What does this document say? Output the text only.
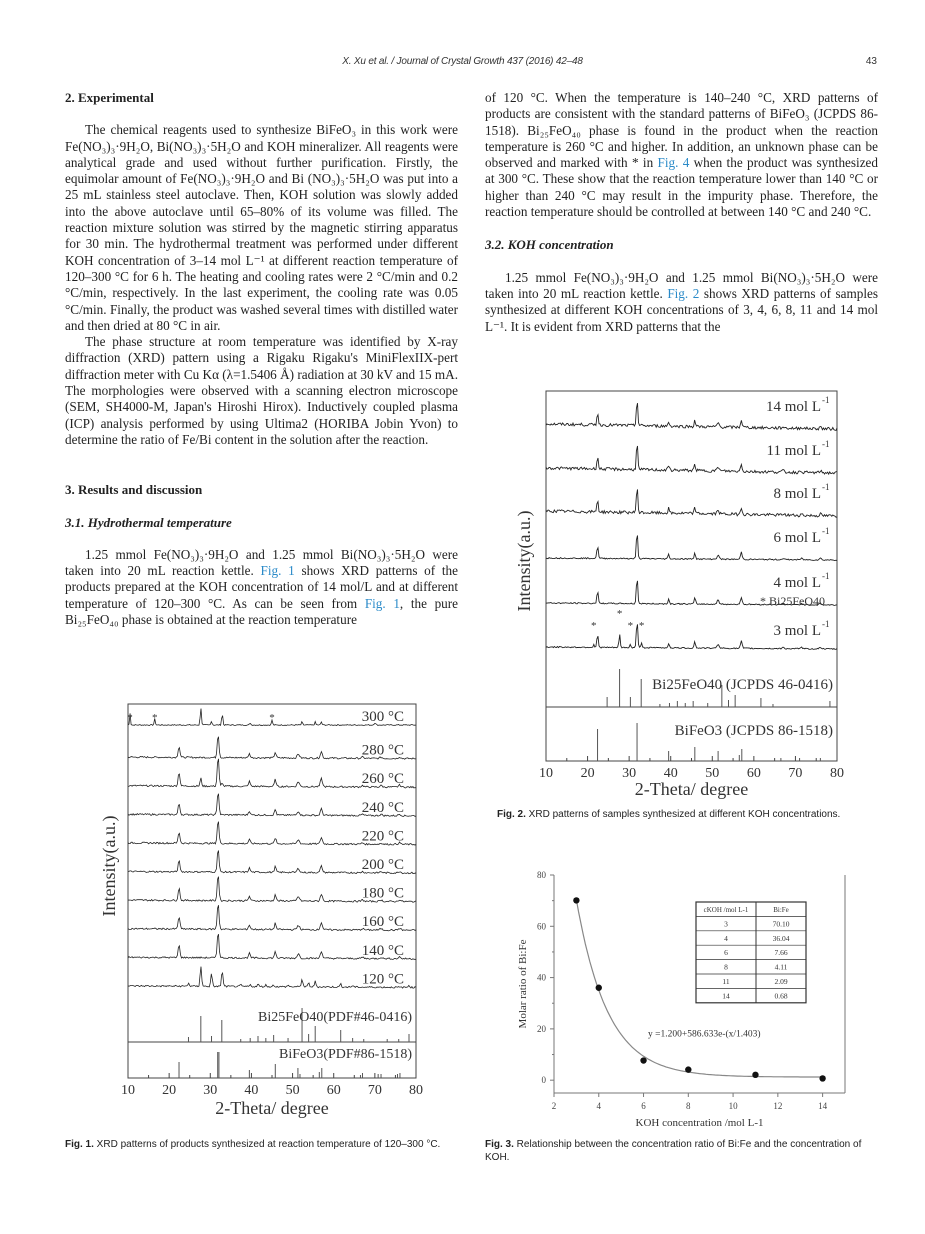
X. Xu et al. / Journal of Crystal Growth 437 (2016) 42–48	43
2. Experimental

The chemical reagents used to synthesize BiFeO₃ in this work were Fe(NO₃)₃·9H₂O, Bi(NO₃)₃·5H₂O and KOH mineralizer. All reagents were analytical grade and used without further purification. Firstly, the equimolar amount of Fe(NO₃)₃·9H₂O and Bi (NO₃)₃·5H₂O was put into a 25 mL stainless steel autoclave. Then, KOH solution was slowly added into the above autoclave until 65–80% of its volume was filled. The reaction mixture solution was stirred by the magnetic stirring apparatus for 30 min. The hydrothermal treatment was performed under different KOH concentration of 3–14 mol L⁻¹ at different reaction temperature of 120–300 °C for 6 h. The heating and cooling rates were 2 °C/min and 0.2 °C/min, respectively. In the last experiment, the cooling rate was 0.05 °C/min. Finally, the product was washed several times with distilled water and then dried at 80 °C in air.

The phase structure at room temperature was identified by X-ray diffraction (XRD) pattern using a Rigaku Rigaku's MiniFlexIIX-pert diffraction meter with Cu Kα (λ=1.5406 Å) radiation at 30 kV and 15 mA. The morphologies were observed with a scanning electron microscope (SEM, SH4000-M, Japan's Hiroshi Hirox). Inductively coupled plasma (ICP) analysis performed by using Ultima2 (HORIBA Jobin Yvon) to determine the ratio of Fe/Bi content in the solution after the reaction.

3. Results and discussion
3.1. Hydrothermal temperature

1.25 mmol Fe(NO₃)₃·9H₂O and 1.25 mmol Bi(NO₃)₃·5H₂O were taken into 20 mL reaction kettle. Fig. 1 shows XRD patterns of the products prepared at the KOH concentration of 14 mol/L and at different temperature of 120–300 °C. As can be seen from Fig. 1, the pure Bi₂₅FeO₄₀ phase is obtained at the reaction temperature

of 120 °C. When the temperature is 140–240 °C, XRD patterns of products are consistent with the standard patterns of BiFeO₃ (JCPDS 86-1518). Bi₂₅FeO₄₀ phase is found in the product when the reaction temperature is 260 °C and higher. In addition, an unknown phase can be observed and marked with * in Fig. 4 when the product was synthesized at 300 °C. These show that the reaction temperature lower than 140 °C or higher than 240 °C may result in the impurity phase. Therefore, the reaction temperature should be controlled at between 140 °C and 240 °C.

3.2. KOH concentration

1.25 mmol Fe(NO₃)₃·9H₂O and 1.25 mmol Bi(NO₃)₃·5H₂O were taken into 20 mL reaction kettle. Fig. 2 shows XRD patterns of samples synthesized at different KOH concentrations of 3, 4, 6, 8, 11 and 14 mol L⁻¹. It is evident from XRD patterns that the

300 °C
280 °C
260 °C
240 °C
220 °C
200 °C
180 °C
160 °C
140 °C
120 °C
* *	*
Bi25FeO40(PDF#46-0416)
BiFeO3(PDF#86-1518)
10 20 30 40 50 60 70 80
2-Theta/ degree
Intensity(a.u.)
14 mol L -1
11 mol L -1
8 mol L -1
6 mol L -1
4 mol L -1
3 mol L -1
* Bi25FeO40
*
*
* *
Bi25FeO40 (JCPDS 46-0416)
BiFeO3 (JCPDS 86-1518)
10 20 30 40 50 60 70 80
2-Theta/ degree
Intensity(a.u.)
0
20
40
60
80
2	4	6	8	10	12	14
KOH concentration /mol L-1
Molar ratio of Bi:Fe
y =1.200+586.633e-(x/1.403)
cKOH /mol L-1	Bi:Fe
3	70.10
4	36.04
6	7.66
8	4.11
11	2.09
14	0.68
Fig. 1. XRD patterns of products synthesized at reaction temperature of 120–300 °C.
Fig. 2. XRD patterns of samples synthesized at different KOH concentrations.
Fig. 3. Relationship between the concentration ratio of Bi:Fe and the concentration of KOH.
